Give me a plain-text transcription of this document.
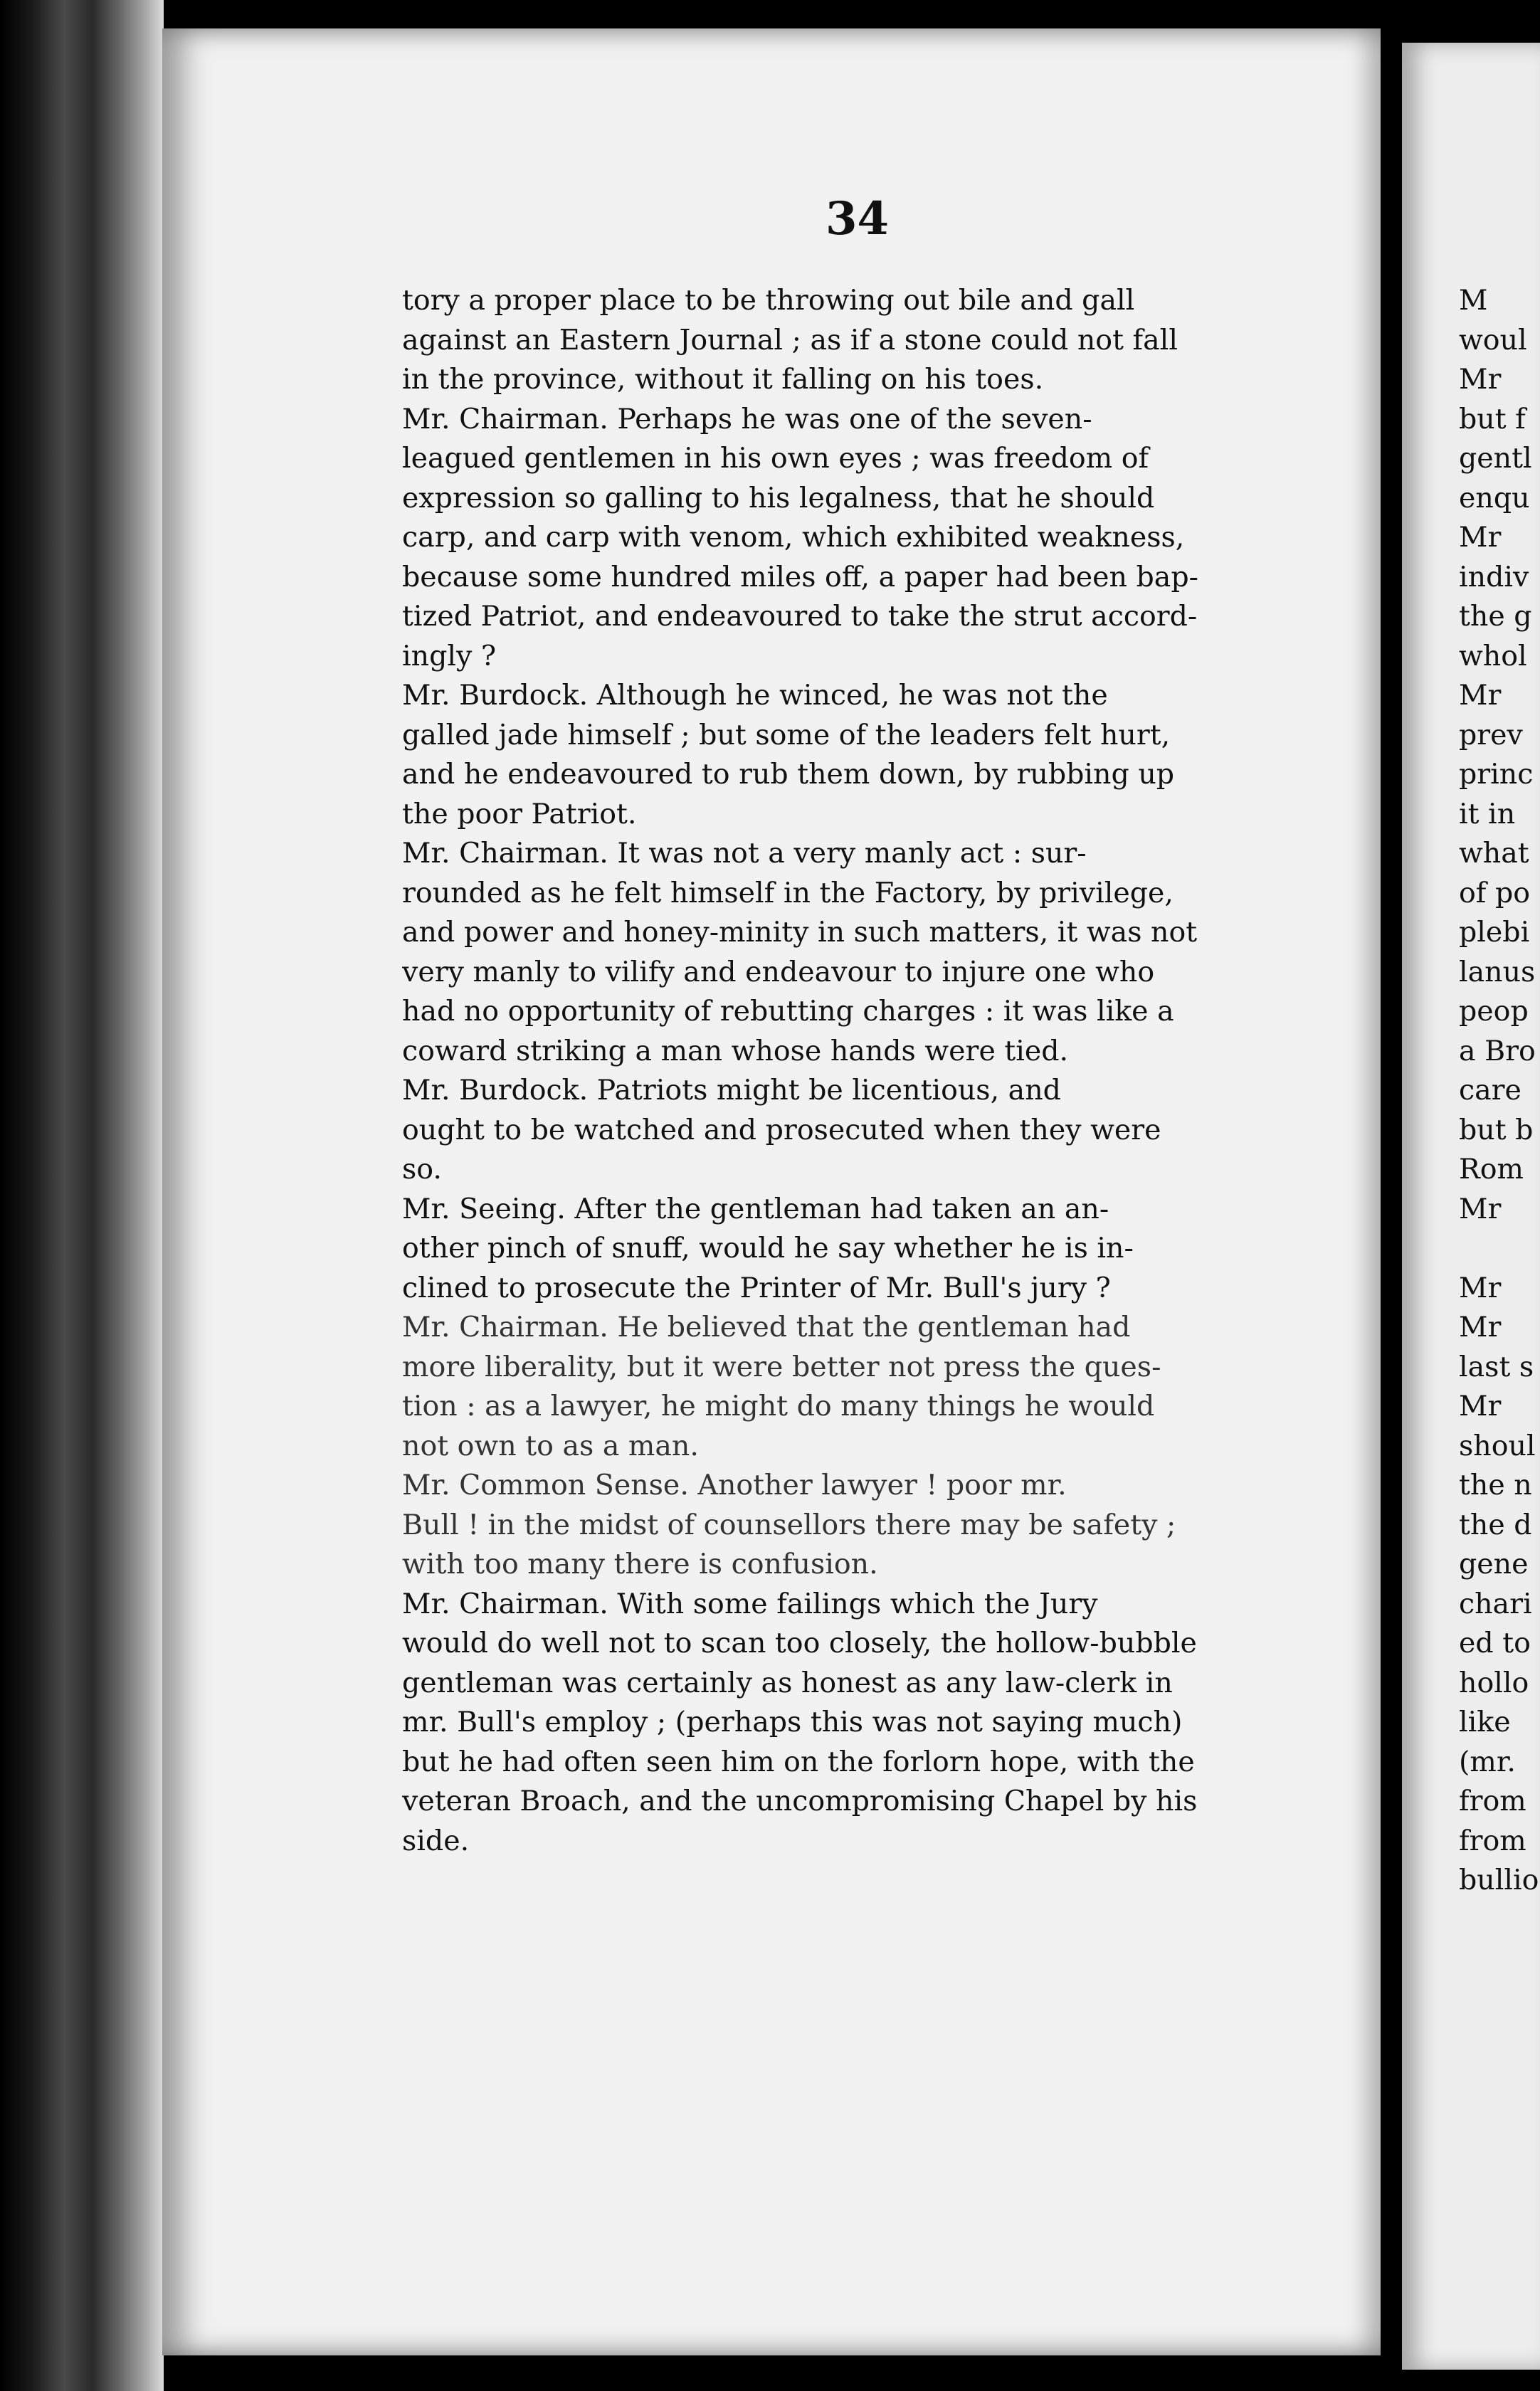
34
tory a proper place to be throwing out bile and gall
against an Eastern Journal ; as if a stone could not fall
in the province, without it falling on his toes.
Mr. Chairman. Perhaps he was one of the seven-
leagued gentlemen in his own eyes ; was freedom of
expression so galling to his legalness, that he should
carp, and carp with venom, which exhibited weakness,
because some hundred miles off, a paper had been bap-
tized Patriot, and endeavoured to take the strut accord-
ingly ?
Mr. Burdock. Although he winced, he was not the
galled jade himself ; but some of the leaders felt hurt,
and he endeavoured to rub them down, by rubbing up
the poor Patriot.
Mr. Chairman. It was not a very manly act : sur-
rounded as he felt himself in the Factory, by privilege,
and power and honey-minity in such matters, it was not
very manly to vilify and endeavour to injure one who
had no opportunity of rebutting charges : it was like a
coward striking a man whose hands were tied.
Mr. Burdock. Patriots might be licentious, and
ought to be watched and prosecuted when they were
so.
Mr. Seeing. After the gentleman had taken an an-
other pinch of snuff, would he say whether he is in-
clined to prosecute the Printer of Mr. Bull's jury ?
Mr. Chairman. He believed that the gentleman had
more liberality, but it were better not press the ques-
tion : as a lawyer, he might do many things he would
not own to as a man.
Mr. Common Sense. Another lawyer ! poor mr.
Bull ! in the midst of counsellors there may be safety ;
with too many there is confusion.
Mr. Chairman. With some failings which the Jury
would do well not to scan too closely, the hollow-bubble
gentleman was certainly as honest as any law-clerk in
mr. Bull's employ ; (perhaps this was not saying much)
but he had often seen him on the forlorn hope, with the
veteran Broach, and the uncompromising Chapel by his
side.
M
woul
Mr
but f
gentl
enqu
Mr
indiv
the g
whol
Mr
prev
princ
it in
what
of po
plebi
lanus
peop
a Bro
care
but b
Rom
Mr
Mr
Mr
last s
Mr
shoul
the n
the d
gene
chari
ed to
hollo
like
(mr.
from
from
bullio
